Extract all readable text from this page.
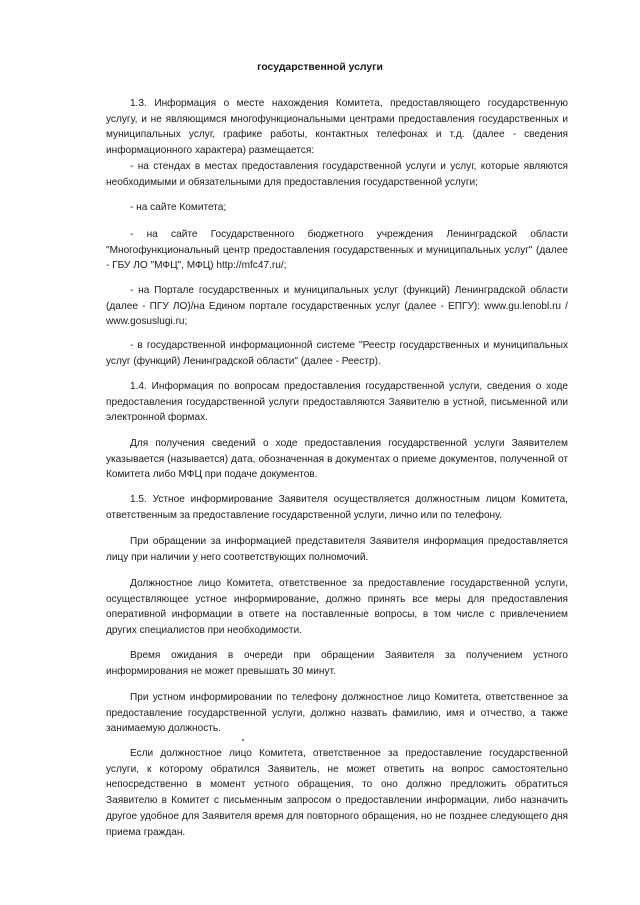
государственной услуги

1.3. Информация о месте нахождения Комитета, предоставляющего государственную услугу, и не являющимся многофункциональными центрами предоставления государственных и муниципальных услуг, графике работы, контактных телефонах и т.д. (далее - сведения информационного характера) размещается:

- на стендах в местах предоставления государственной услуги и услуг, которые являются необходимыми и обязательными для предоставления государственной услуги;

- на сайте Комитета;

- на сайте Государственного бюджетного учреждения Ленинградской области "Многофункциональный центр предоставления государственных и муниципальных услуг" (далее - ГБУ ЛО "МФЦ", МФЦ) http://mfc47.ru/;

- на Портале государственных и муниципальных услуг (функций) Ленинградской области (далее - ПГУ ЛО)/на Едином портале государственных услуг (далее - ЕПГУ): www.gu.lenobl.ru / www.gosuslugi.ru;

- в государственной информационной системе "Реестр государственных и муниципальных услуг (функций) Ленинградской области" (далее - Реестр).

1.4. Информация по вопросам предоставления государственной услуги, сведения о ходе предоставления государственной услуги предоставляются Заявителю в устной, письменной или электронной формах.

Для получения сведений о ходе предоставления государственной услуги Заявителем указывается (называется) дата, обозначенная в документах о приеме документов, полученной от Комитета либо МФЦ при подаче документов.

1.5. Устное информирование Заявителя осуществляется должностным лицом Комитета, ответственным за предоставление государственной услуги, лично или по телефону.

При обращении за информацией представителя Заявителя информация предоставляется лицу при наличии у него соответствующих полномочий.

Должностное лицо Комитета, ответственное за предоставление государственной услуги, осуществляющее устное информирование, должно принять все меры для предоставления оперативной информации в ответе на поставленные вопросы, в том числе с привлечением других специалистов при необходимости.

Время ожидания в очереди при обращении Заявителя за получением устного информирования не может превышать 30 минут.

При устном информировании по телефону должностное лицо Комитета, ответственное за предоставление государственной услуги, должно назвать фамилию, имя и отчество, а также занимаемую должность.

Если должностное лицо Комитета, ответственное за предоставление государственной услуги, к которому обратился Заявитель, не может ответить на вопрос самостоятельно непосредственно в момент устного обращения, то оно должно предложить обратиться Заявителю в Комитет с письменным запросом о предоставлении информации, либо назначить другое удобное для Заявителя время для повторного обращения, но не позднее следующего дня приема граждан.
